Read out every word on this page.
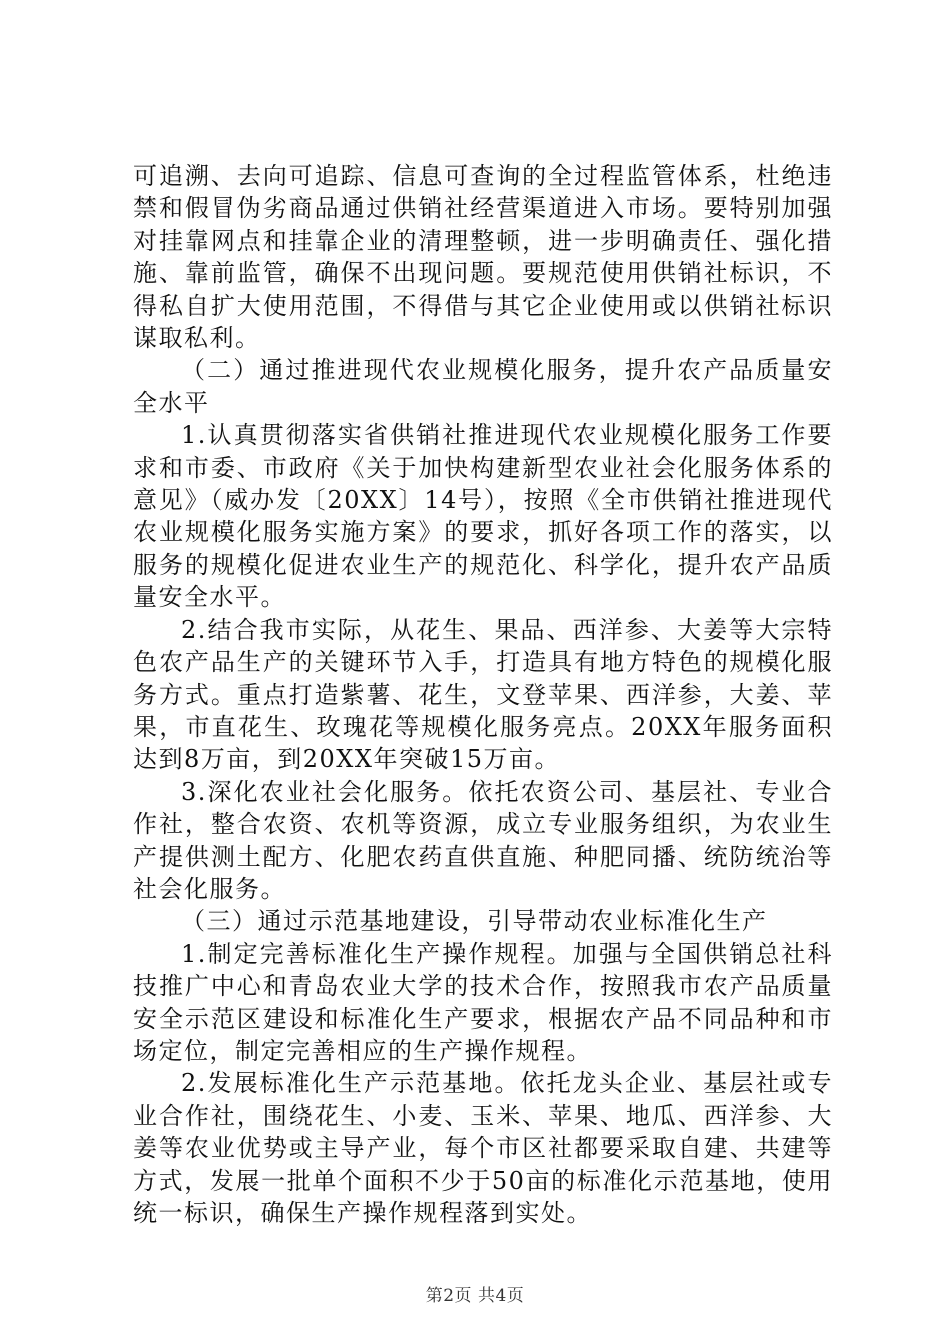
可追溯、去向可追踪、信息可查询的全过程监管体系，杜绝违禁和假冒伪劣商品通过供销社经营渠道进入市场。要特别加强对挂靠网点和挂靠企业的清理整顿，进一步明确责任、强化措施、靠前监管，确保不出现问题。要规范使用供销社标识，不得私自扩大使用范围，不得借与其它企业使用或以供销社标识谋取私利。

（二）通过推进现代农业规模化服务，提升农产品质量安全水平

1.认真贯彻落实省供销社推进现代农业规模化服务工作要求和市委、市政府《关于加快构建新型农业社会化服务体系的意见》（威办发〔20XX〕14号），按照《全市供销社推进现代农业规模化服务实施方案》的要求，抓好各项工作的落实，以服务的规模化促进农业生产的规范化、科学化，提升农产品质量安全水平。

2.结合我市实际，从花生、果品、西洋参、大姜等大宗特色农产品生产的关键环节入手，打造具有地方特色的规模化服务方式。重点打造紫薯、花生，文登苹果、西洋参，大姜、苹果，市直花生、玫瑰花等规模化服务亮点。20XX年服务面积达到8万亩，到20XX年突破15万亩。

3.深化农业社会化服务。依托农资公司、基层社、专业合作社，整合农资、农机等资源，成立专业服务组织，为农业生产提供测土配方、化肥农药直供直施、种肥同播、统防统治等社会化服务。

（三）通过示范基地建设，引导带动农业标准化生产

1.制定完善标准化生产操作规程。加强与全国供销总社科技推广中心和青岛农业大学的技术合作，按照我市农产品质量安全示范区建设和标准化生产要求，根据农产品不同品种和市场定位，制定完善相应的生产操作规程。

2.发展标准化生产示范基地。依托龙头企业、基层社或专业合作社，围绕花生、小麦、玉米、苹果、地瓜、西洋参、大姜等农业优势或主导产业，每个市区社都要采取自建、共建等方式，发展一批单个面积不少于50亩的标准化示范基地，使用统一标识，确保生产操作规程落到实处。

第2页 共4页
